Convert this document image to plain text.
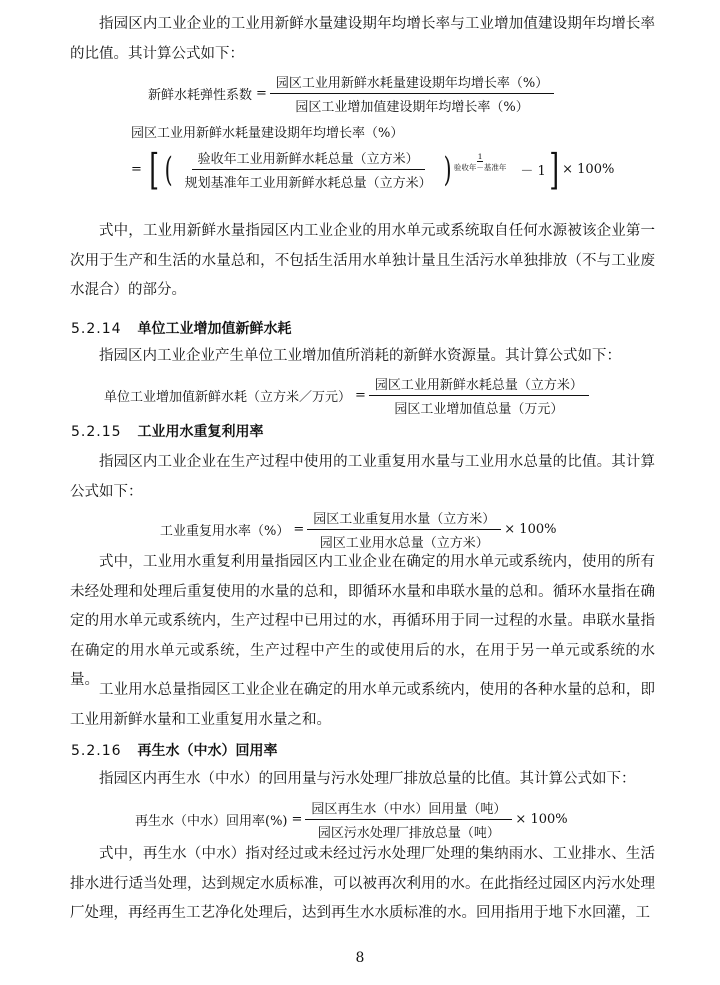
指园区内工业企业的工业用新鲜水量建设期年均增长率与工业增加值建设期年均增长率的比值。其计算公式如下：

新鲜水耗弹性系数 = $\frac{\text{园区工业用新鲜水耗量建设期年均增长率（\%）}}{\text{园区工业增加值建设期年均增长率（\%）}}$
园区工业用新鲜水耗量建设期年均增长率（%）
= [ ( $\frac{\text{验收年工业用新鲜水耗总量（立方米）}}{\text{规划基准年工业用新鲜水耗总量（立方米）}}$ )	1
验收年－基准年 － 1 ] × 100%

式中，工业用新鲜水量指园区内工业企业的用水单元或系统取自任何水源被该企业第一次用于生产和生活的水量总和，不包括生活用水单独计量且生活污水单独排放（不与工业废水混合）的部分。

5.2.14 单位工业增加值新鲜水耗

指园区内工业企业产生单位工业增加值所消耗的新鲜水资源量。其计算公式如下：

单位工业增加值新鲜水耗（立方米／万元） = $\frac{\text{园区工业用新鲜水耗总量（立方米）}}{\text{园区工业增加值总量（万元）}}$
5.2.15 工业用水重复利用率

指园区内工业企业在生产过程中使用的工业重复用水量与工业用水总量的比值。其计算公式如下：

工业重复用水率（%） = $\frac{\text{园区工业重复用水量（立方米）}}{\text{园区工业用水总量（立方米）}} \times 100\%$

式中，工业用水重复利用量指园区内工业企业在确定的用水单元或系统内，使用的所有未经处理和处理后重复使用的水量的总和，即循环水量和串联水量的总和。循环水量指在确定的用水单元或系统内，生产过程中已用过的水，再循环用于同一过程的水量。串联水量指在确定的用水单元或系统，生产过程中产生的或使用后的水，在用于另一单元或系统的水量。

工业用水总量指园区工业企业在确定的用水单元或系统内，使用的各种水量的总和，即工业用新鲜水量和工业重复用水量之和。

5.2.16 再生水（中水）回用率

指园区内再生水（中水）的回用量与污水处理厂排放总量的比值。其计算公式如下：

再生水（中水）回用率(%) = $\frac{\text{园区再生水（中水）回用量（吨）}}{\text{园区污水处理厂排放总量（吨）}} \times 100\%$

式中，再生水（中水）指对经过或未经过污水处理厂处理的集纳雨水、工业排水、生活排水进行适当处理，达到规定水质标准，可以被再次利用的水。在此指经过园区内污水处理厂处理，再经再生工艺净化处理后，达到再生水水质标准的水。回用指用于地下水回灌，工

8
